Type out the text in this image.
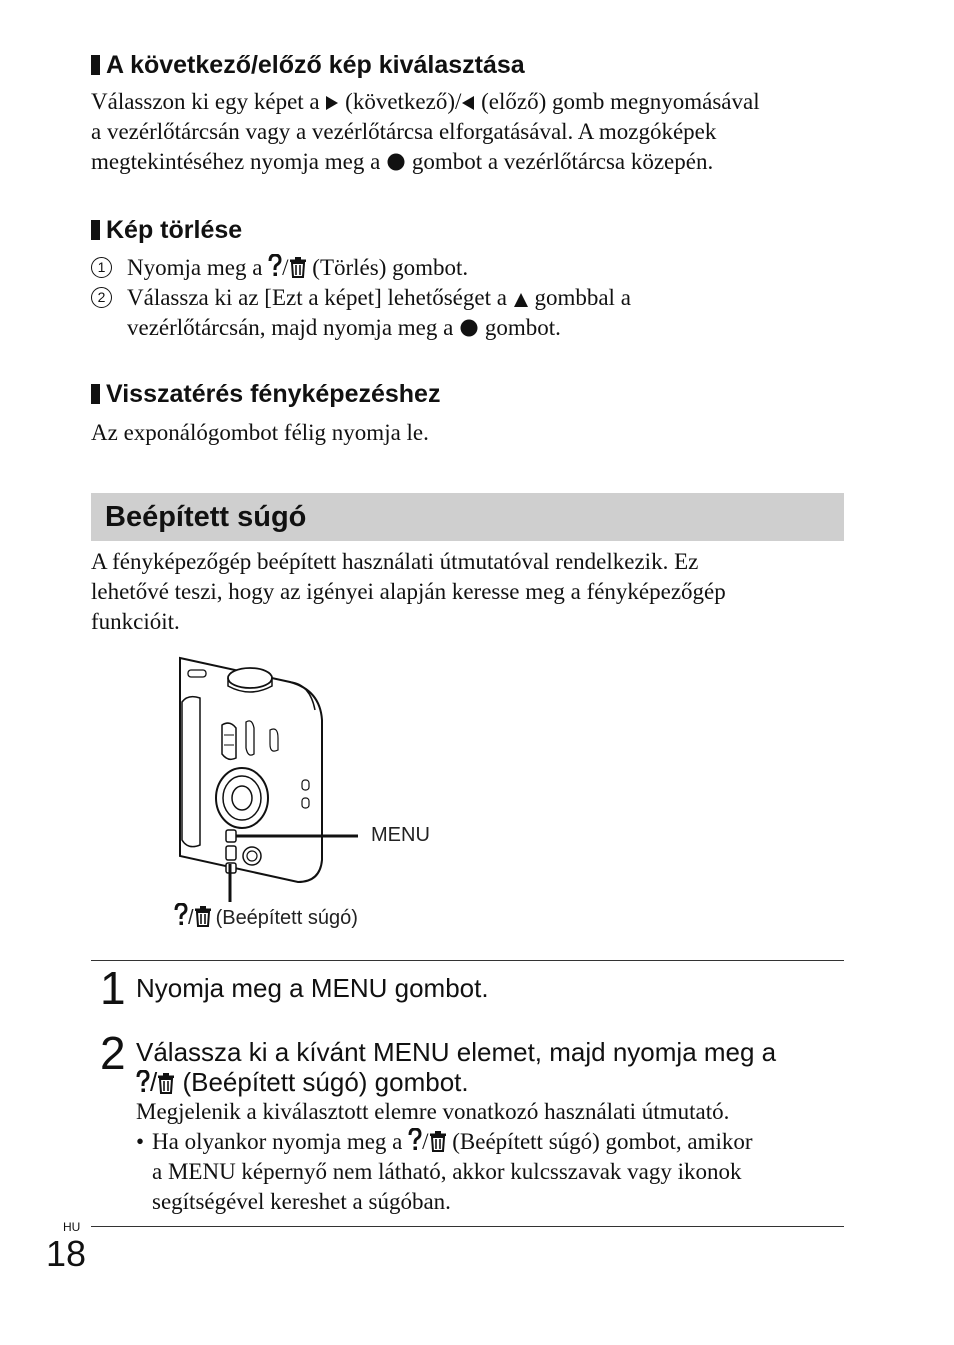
A következő/előző kép kiválasztása
Válasszon ki egy képet a
(következő)/
(előző) gomb megnyomásával
a vezérlőtárcsán vagy a vezérlőtárcsa elforgatásával. A mozgóképek
megtekintéséhez nyomja meg a
gombot a vezérlőtárcsa közepén.
Kép törlése
1 Nyomja meg a
/
(Törlés) gombot.
2 Válassza ki az [Ezt a képet] lehetőséget a
gombbal a
vezérlőtárcsán, majd nyomja meg a
gombot.
Visszatérés fényképezéshez
Az exponálógombot félig nyomja le.
Beépített súgó
A fényképezőgép beépített használati útmutatóval rendelkezik. Ez
lehetővé teszi, hogy az igényei alapján keresse meg a fényképezőgép
funkcióit.
MENU
/ (Beépített súgó)
1 Nyomja meg a MENU gombot.
2 Válassza ki a kívánt MENU elemet, majd nyomja meg a
/
(Beépített súgó) gombot.
Megjelenik a kiválasztott elemre vonatkozó használati útmutató.
• Ha olyankor nyomja meg a
/
(Beépített súgó) gombot, amikor
a MENU képernyő nem látható, akkor kulcsszavak vagy ikonok
segítségével kereshet a súgóban.
HU
18
